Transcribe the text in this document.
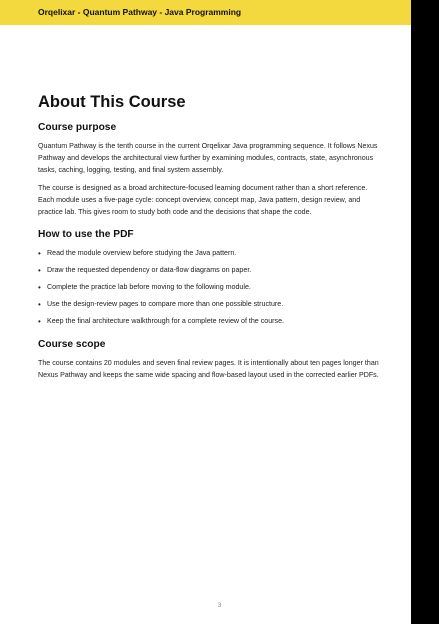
Orqelixar - Quantum Pathway - Java Programming
About This Course
Course purpose

Quantum Pathway is the tenth course in the current Orqelixar Java programming sequence. It follows Nexus Pathway and develops the architectural view further by examining modules, contracts, state, asynchronous tasks, caching, logging, testing, and final system assembly.

The course is designed as a broad architecture-focused learning document rather than a short reference. Each module uses a five-page cycle: concept overview, concept map, Java pattern, design review, and practice lab. This gives room to study both code and the decisions that shape the code.

How to use the PDF
• Read the module overview before studying the Java pattern.
• Draw the requested dependency or data-flow diagrams on paper.
• Complete the practice lab before moving to the following module.
• Use the design-review pages to compare more than one possible structure.
• Keep the final architecture walkthrough for a complete review of the course.
Course scope

The course contains 20 modules and seven final review pages. It is intentionally about ten pages longer than Nexus Pathway and keeps the same wide spacing and flow-based layout used in the corrected earlier PDFs.

3
